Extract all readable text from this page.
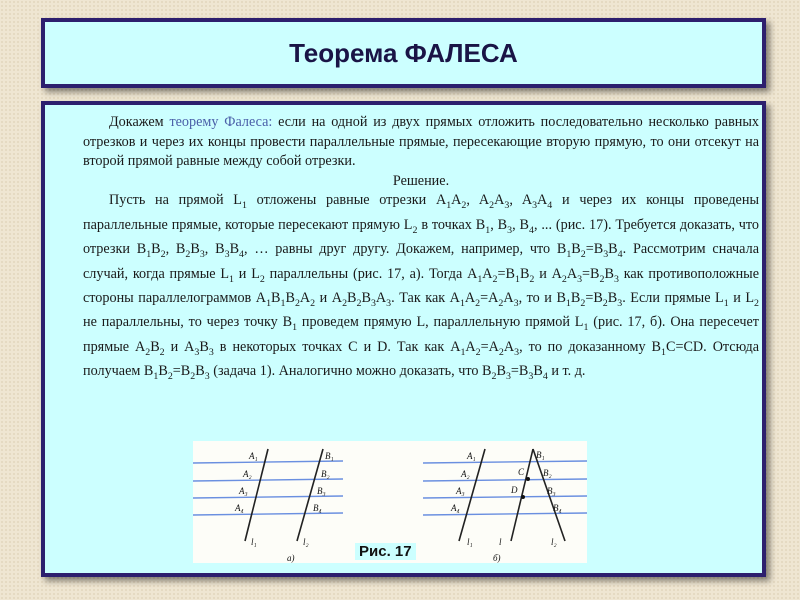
Теорема ФАЛЕСА

Докажем теорему Фалеса: если на одной из двух прямых отложить последовательно несколько равных отрезков и через их концы провести параллельные прямые, пересекающие вторую прямую, то они отсекут на второй прямой равные между собой отрезки.

Решение.

Пусть на прямой $L_1$ отложены равные отрезки $A_1A_2$, $A_2A_3$, $A_3A_4$ и через их концы проведены параллельные прямые, которые пересекают прямую $L_2$ в точках $B_1$, $B_3$, $B_4$, ... (рис. 17). Требуется доказать, что отрезки $B_1B_2$, $B_2B_3$, $B_3B_4$, … равны друг другу. Докажем, например, что $B_1B_2=B_3B_4$. Рассмотрим сначала случай, когда прямые $L_1$ и $L_2$ параллельны (рис. 17, а). Тогда $A_1A_2=B_1B_2$ и $A_2A_3=B_2B_3$ как противоположные стороны параллелограммов $A_1B_1B_2A_2$ и $A_2B_2B_3A_3$. Так как $A_1A_2=A_2A_3$, то и $B_1B_2=B_2B_3$. Если прямые $L_1$ и $L_2$ не параллельны, то через точку $B_1$ проведем прямую L, параллельную прямой $L_1$ (рис. 17, б). Она пересечет прямые $A_2B_2$ и $A_3B_3$ в некоторых точках C и D. Так как $A_1A_2=A_2A_3$, то по доказанному $B_1C=CD$. Отсюда получаем $B_1B_2=B_2B_3$ (задача 1). Аналогично можно доказать, что $B_2B_3=B_3B_4$ и т. д.

A₁
A₂
A₃
A₄
B₁
B₂
B₃
B₄
l₁	l₂
а)
A₁
A₂
A₃
A₄
B₁
B₂
B₃
B₄
C
D
l₁	l	l₂
б)
Рис. 17
